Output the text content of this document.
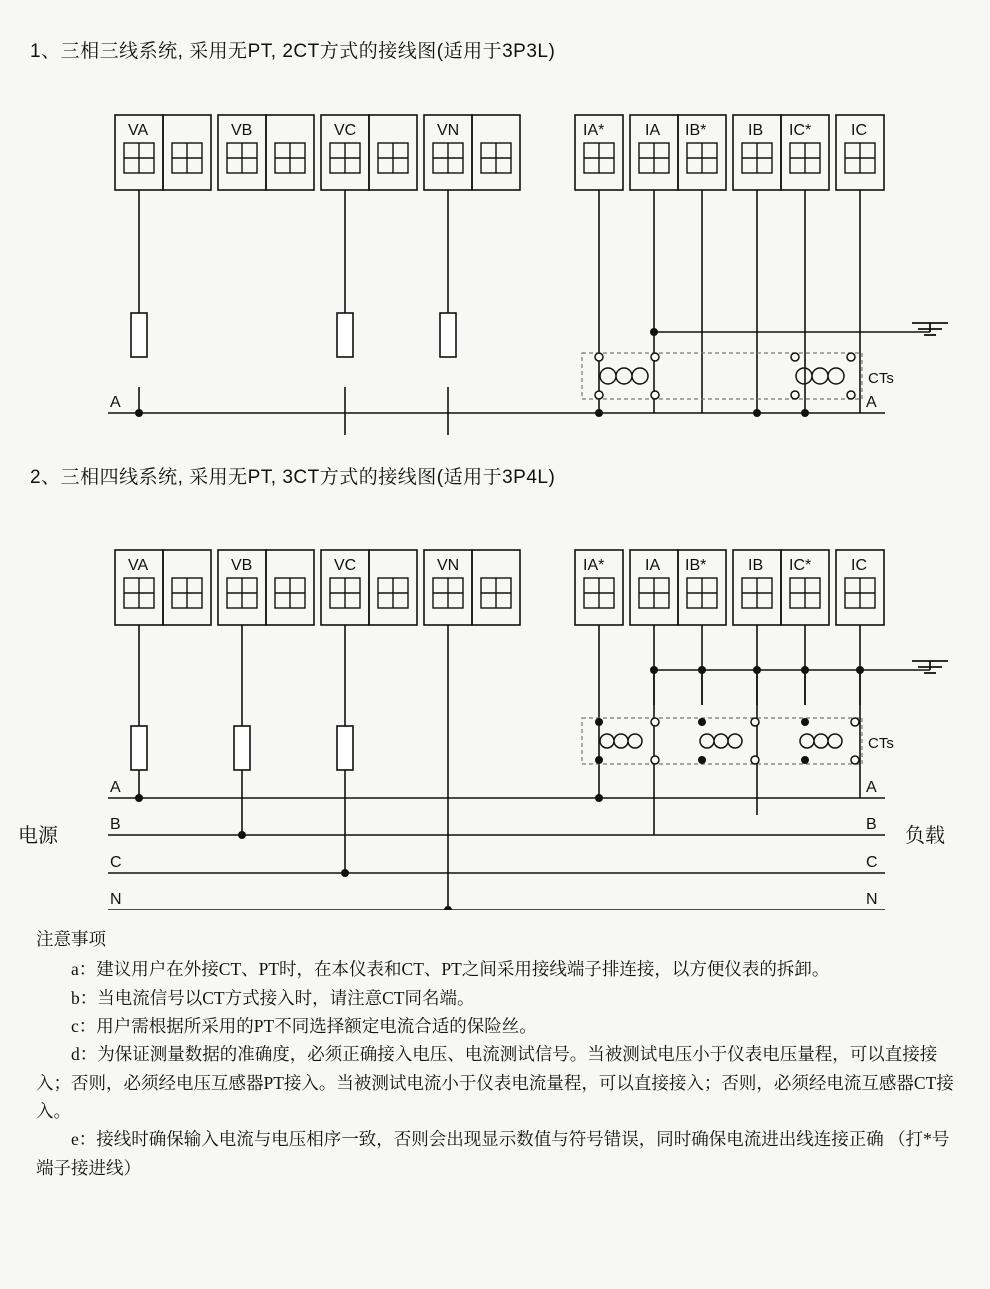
1、三相三线系统, 采用无PT, 2CT方式的接线图(适用于3P3L)
VA	VB	VC	VN	IA*	IA IB*	IB IC* IC
CTs
A	A
2、三相四线系统, 采用无PT, 3CT方式的接线图(适用于3P4L)
VA	VB	VC	VN	IA*	IA IB*	IB IC* IC
CTs
A
B
C
N
A
B
C
N
电源	负载

注意事项

a：建议用户在外接CT、PT时，在本仪表和CT、PT之间采用接线端子排连接，以方便仪表的拆卸。

b：当电流信号以CT方式接入时，请注意CT同名端。

c：用户需根据所采用的PT不同选择额定电流合适的保险丝。

d：为保证测量数据的准确度，必须正确接入电压、电流测试信号。当被测试电压小于仪表电压量程，可以直接接入；否则，必须经电压互感器PT接入。当被测试电流小于仪表电流量程，可以直接接入；否则，必须经电流互感器CT接入。

e：接线时确保输入电流与电压相序一致，否则会出现显示数值与符号错误，同时确保电流进出线连接正确 （打*号端子接进线）
